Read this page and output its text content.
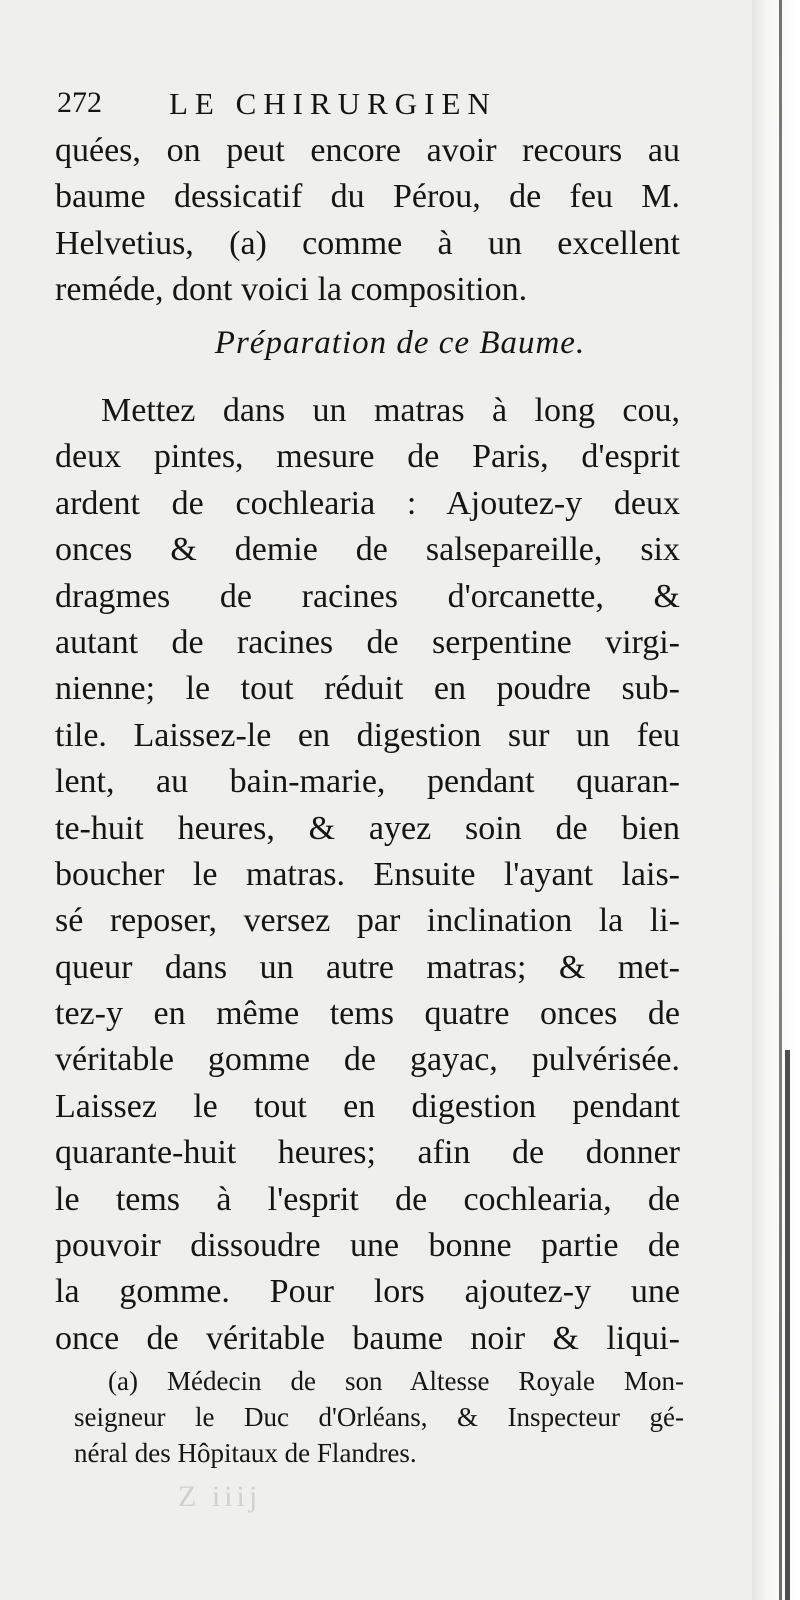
272 LE CHIRURGIEN
quées, on peut encore avoir recours au
baume dessicatif du Pérou, de feu M.
Helvetius, (a) comme à un excellent
reméde, dont voici la composition.
Préparation de ce Baume.
Mettez dans un matras à long cou,
deux pintes, mesure de Paris, d'esprit
ardent de cochlearia : Ajoutez-y deux
onces & demie de salsepareille, six
dragmes de racines d'orcanette, &
autant de racines de serpentine virgi-
nienne; le tout réduit en poudre sub-
tile. Laissez-le en digestion sur un feu
lent, au bain-marie, pendant quaran-
te-huit heures, & ayez soin de bien
boucher le matras. Ensuite l'ayant lais-
sé reposer, versez par inclination la li-
queur dans un autre matras; & met-
tez-y en même tems quatre onces de
véritable gomme de gayac, pulvérisée.
Laissez le tout en digestion pendant
quarante-huit heures; afin de donner
le tems à l'esprit de cochlearia, de
pouvoir dissoudre une bonne partie de
la gomme. Pour lors ajoutez-y une
once de véritable baume noir & liqui-
(a) Médecin de son Altesse Royale Mon-
seigneur le Duc d'Orléans, & Inspecteur gé-
néral des Hôpitaux de Flandres.
Z iiij
